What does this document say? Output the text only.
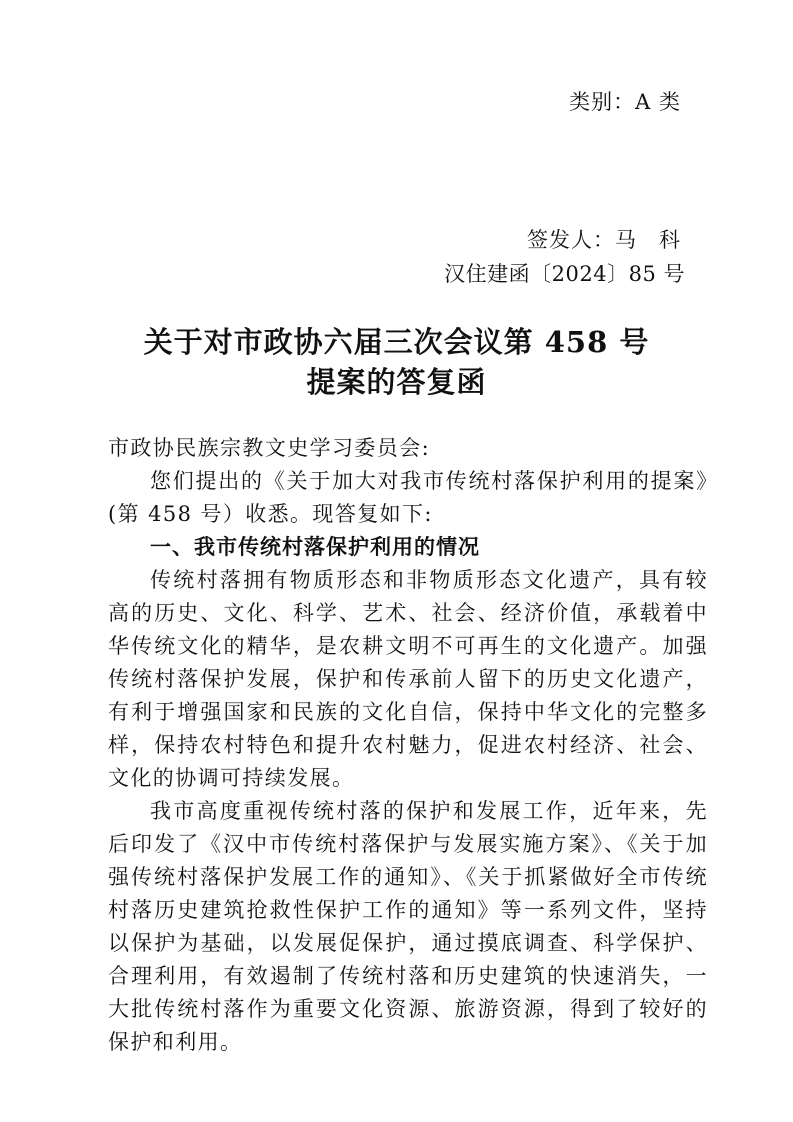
类别：A 类
签发人：马　科
汉住建函〔2024〕85 号
关于对市政协六届三次会议第 458 号
提案的答复函
市政协民族宗教文史学习委员会:

您们提出的《关于加大对我市传统村落保护利用的提案》(第 458 号）收悉。现答复如下:

一、我市传统村落保护利用的情况

传统村落拥有物质形态和非物质形态文化遗产，具有较高的历史、文化、科学、艺术、社会、经济价值，承载着中华传统文化的精华，是农耕文明不可再生的文化遗产。加强传统村落保护发展，保护和传承前人留下的历史文化遗产，有利于增强国家和民族的文化自信，保持中华文化的完整多样，保持农村特色和提升农村魅力，促进农村经济、社会、文化的协调可持续发展。

我市高度重视传统村落的保护和发展工作，近年来，先后印发了《汉中市传统村落保护与发展实施方案》、《关于加强传统村落保护发展工作的通知》、《关于抓紧做好全市传统村落历史建筑抢救性保护工作的通知》等一系列文件，坚持以保护为基础，以发展促保护，通过摸底调查、科学保护、合理利用，有效遏制了传统村落和历史建筑的快速消失，一大批传统村落作为重要文化资源、旅游资源，得到了较好的保护和利用。
